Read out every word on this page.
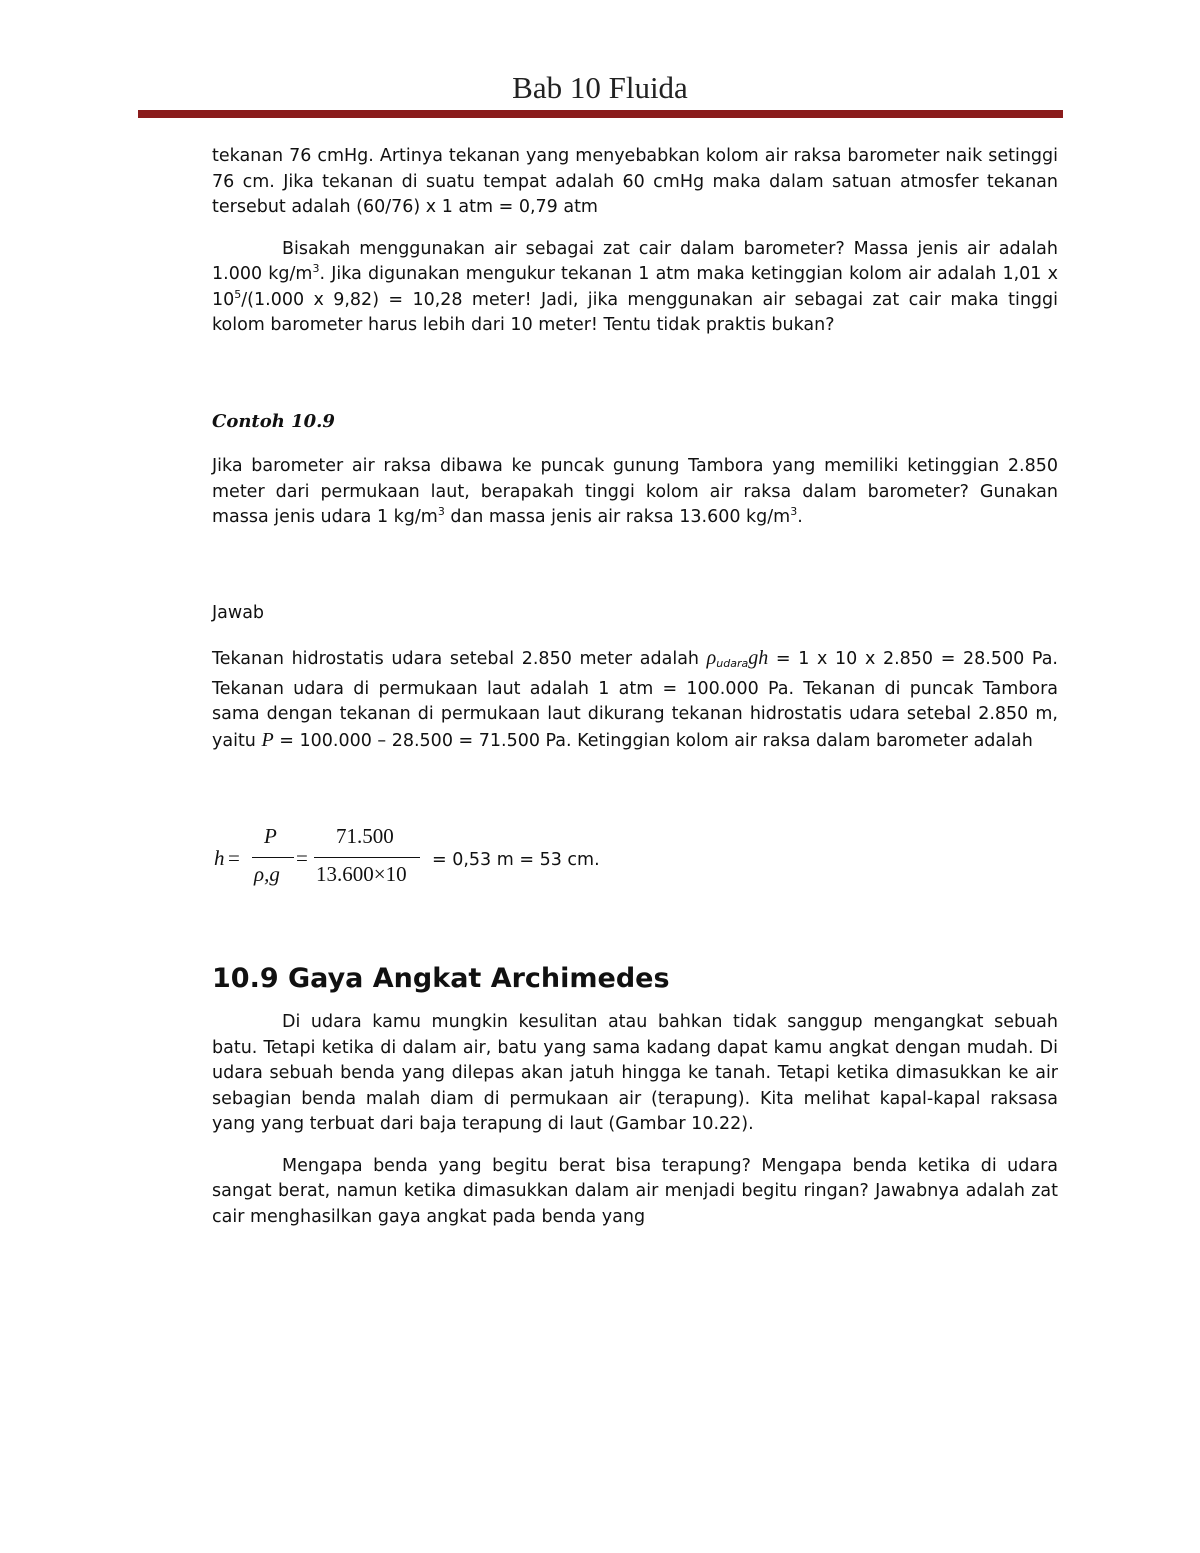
Bab 10 Fluida

tekanan 76 cmHg. Artinya tekanan yang menyebabkan kolom air raksa barometer naik setinggi 76 cm. Jika tekanan di suatu tempat adalah 60 cmHg maka dalam satuan atmosfer tekanan tersebut adalah (60/76) x 1 atm = 0,79 atm

Bisakah menggunakan air sebagai zat cair dalam barometer? Massa jenis air adalah 1.000 $kg/m^3$. Jika digunakan mengukur tekanan 1 atm maka ketinggian kolom air adalah 1,01 x $10^5/(1.000$ x 9,82) = 10,28 meter! Jadi, jika menggunakan air sebagai zat cair maka tinggi kolom barometer harus lebih dari 10 meter! Tentu tidak praktis bukan?

Contoh 10.9

Jika barometer air raksa dibawa ke puncak gunung Tambora yang memiliki ketinggian 2.850 meter dari permukaan laut, berapakah tinggi kolom air raksa dalam barometer? Gunakan massa jenis udara 1 $kg/m^3$ dan massa jenis air raksa 13.600 $kg/m^3$.

Jawab

Tekanan hidrostatis udara setebal 2.850 meter adalah ρudaragh = 1 x 10 x 2.850 = 28.500 Pa. Tekanan udara di permukaan laut adalah 1 atm = 100.000 Pa. Tekanan di puncak Tambora sama dengan tekanan di permukaan laut dikurang tekanan hidrostatis udara setebal 2.850 m, yaitu P = 100.000 – 28.500 = 71.500 Pa. Ketinggian kolom air raksa dalam barometer adalah

h =
P
ρ,g
=
71.500
13.600×10
= 0,53 m = 53 cm.
10.9 Gaya Angkat Archimedes

Di udara kamu mungkin kesulitan atau bahkan tidak sanggup mengangkat sebuah batu. Tetapi ketika di dalam air, batu yang sama kadang dapat kamu angkat dengan mudah. Di udara sebuah benda yang dilepas akan jatuh hingga ke tanah. Tetapi ketika dimasukkan ke air sebagian benda malah diam di permukaan air (terapung). Kita melihat kapal-kapal raksasa yang yang terbuat dari baja terapung di laut (Gambar 10.22).

Mengapa benda yang begitu berat bisa terapung? Mengapa benda ketika di udara sangat berat, namun ketika dimasukkan dalam air menjadi begitu ringan? Jawabnya adalah zat cair menghasilkan gaya angkat pada benda yang
